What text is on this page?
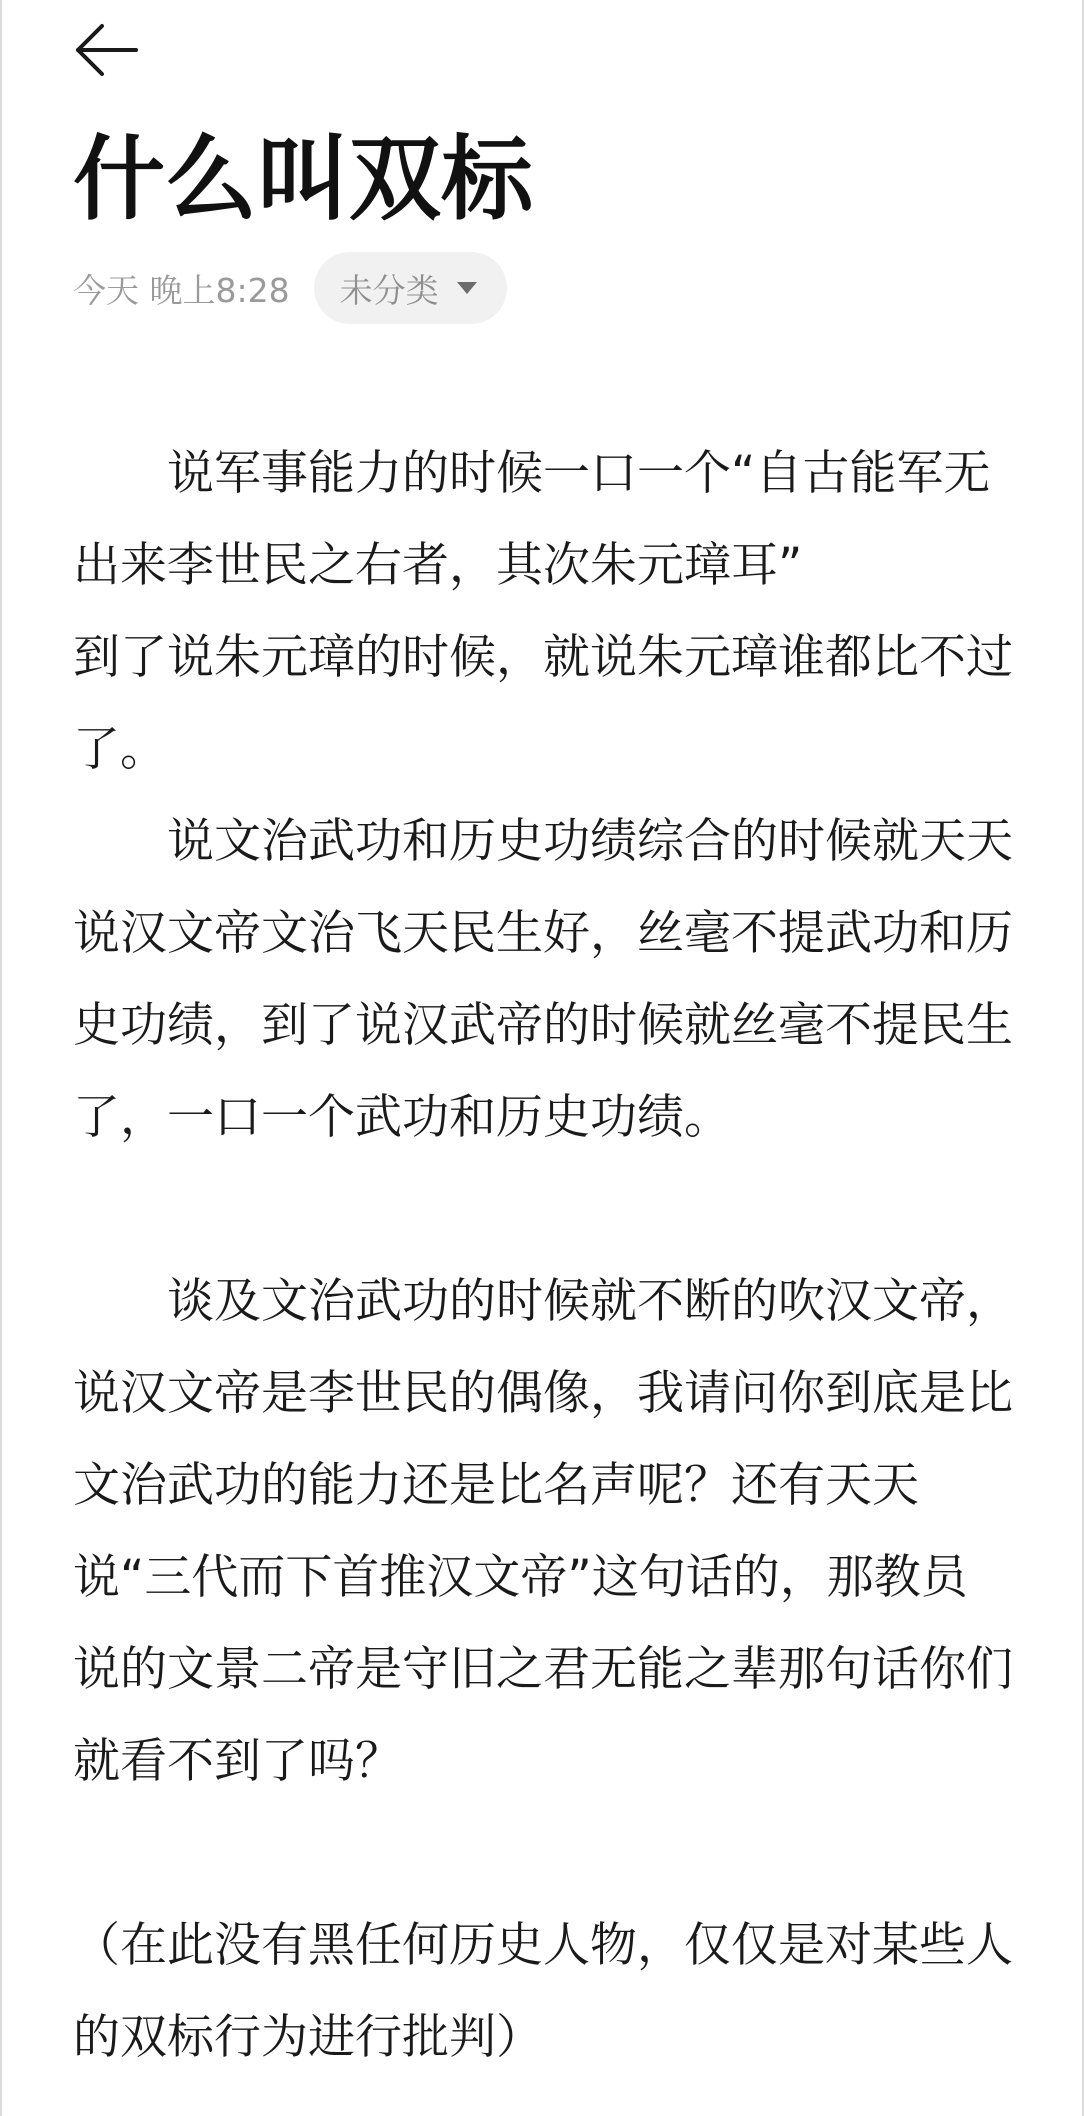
什么叫双标
今天 晚上8:28 未分类

说军事能力的时候一口一个“自古能军无出来李世民之右者，其次朱元璋耳”

到了说朱元璋的时候，就说朱元璋谁都比不过了。

说文治武功和历史功绩综合的时候就天天说汉文帝文治飞天民生好，丝毫不提武功和历史功绩，到了说汉武帝的时候就丝毫不提民生了，一口一个武功和历史功绩。

谈及文治武功的时候就不断的吹汉文帝，说汉文帝是李世民的偶像，我请问你到底是比文治武功的能力还是比名声呢？还有天天说“三代而下首推汉文帝”这句话的，那教员说的文景二帝是守旧之君无能之辈那句话你们就看不到了吗？

（在此没有黑任何历史人物，仅仅是对某些人的双标行为进行批判）
